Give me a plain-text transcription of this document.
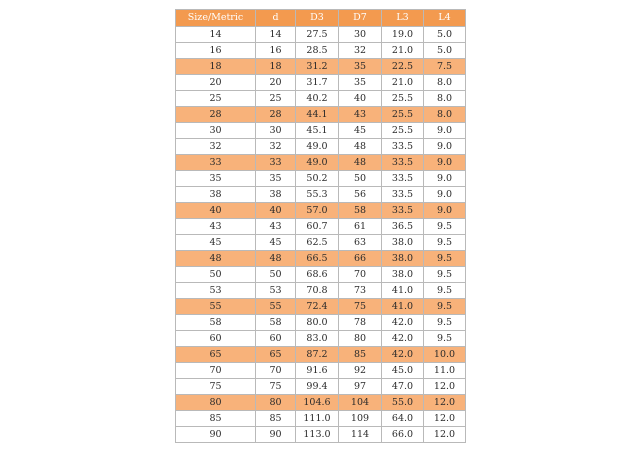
Size/Metric	d	D3	D7	L3	L4
14	14	27.5	30	19.0	5.0
16	16	28.5	32	21.0	5.0
18	18	31.2	35	22.5	7.5
20	20	31.7	35	21.0	8.0
25	25	40.2	40	25.5	8.0
28	28	44.1	43	25.5	8.0
30	30	45.1	45	25.5	9.0
32	32	49.0	48	33.5	9.0
33	33	49.0	48	33.5	9.0
35	35	50.2	50	33.5	9.0
38	38	55.3	56	33.5	9.0
40	40	57.0	58	33.5	9.0
43	43	60.7	61	36.5	9.5
45	45	62.5	63	38.0	9.5
48	48	66.5	66	38.0	9.5
50	50	68.6	70	38.0	9.5
53	53	70.8	73	41.0	9.5
55	55	72.4	75	41.0	9.5
58	58	80.0	78	42.0	9.5
60	60	83.0	80	42.0	9.5
65	65	87.2	85	42.0	10.0
70	70	91.6	92	45.0	11.0
75	75	99.4	97	47.0	12.0
80	80	104.6	104	55.0	12.0
85	85	111.0	109	64.0	12.0
90	90	113.0	114	66.0	12.0
